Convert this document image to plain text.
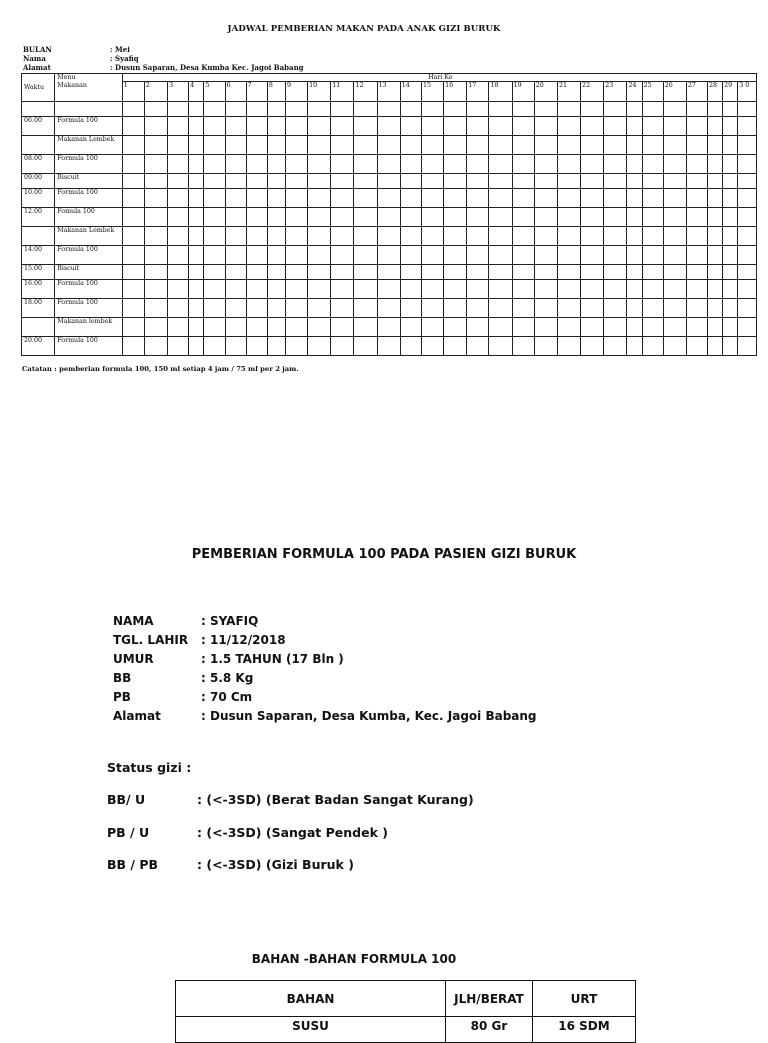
JADWAL PEMBERIAN MAKAN PADA ANAK GIZI BURUK
BULAN	: Mei
Nama	: Syafiq
Alamat	: Dusun Saparan, Desa Kumba Kec. Jagoi Babang
Waktu	Menu	Hari Ke																													
	Makanan	1	2	3	4	5	6	7	8	9	10	11	12	13	14	15	16	17	18	19	20	21	22	23	24	25	26	27	28	29	3 0

06.00	Formula 100																														
	Makanan Lembek																														
08.00	Formula 100																														
09.00	Biscuit																														
10.00	Formula 100																														
12.00	Fomula 100																														
	Makanan Lembek																														
14.00	Formula 100																														
15.00	Biscuit																														
16.00	Formula 100																														
18.00	Formula 100																														
	Makanan lembek																														
20.00	Formula 100																														
Catatan : pemberian formula 100, 150 ml setiap 4 jam / 75 ml per 2 jam.
PEMBERIAN FORMULA 100 PADA PASIEN GIZI BURUK
NAMA	: SYAFIQ
TGL. LAHIR : 11/12/2018
UMUR	: 1.5 TAHUN (17 Bln )
BB	: 5.8 Kg
PB	: 70 Cm
Alamat	: Dusun Saparan, Desa Kumba, Kec. Jagoi Babang
Status gizi :
BB/ U	: (<-3SD) (Berat Badan Sangat Kurang)
PB / U	: (<-3SD) (Sangat Pendek )
BB / PB	: (<-3SD) (Gizi Buruk )
BAHAN -BAHAN FORMULA 100
BAHAN	JLH/BERAT	URT
SUSU	80 Gr	16 SDM
